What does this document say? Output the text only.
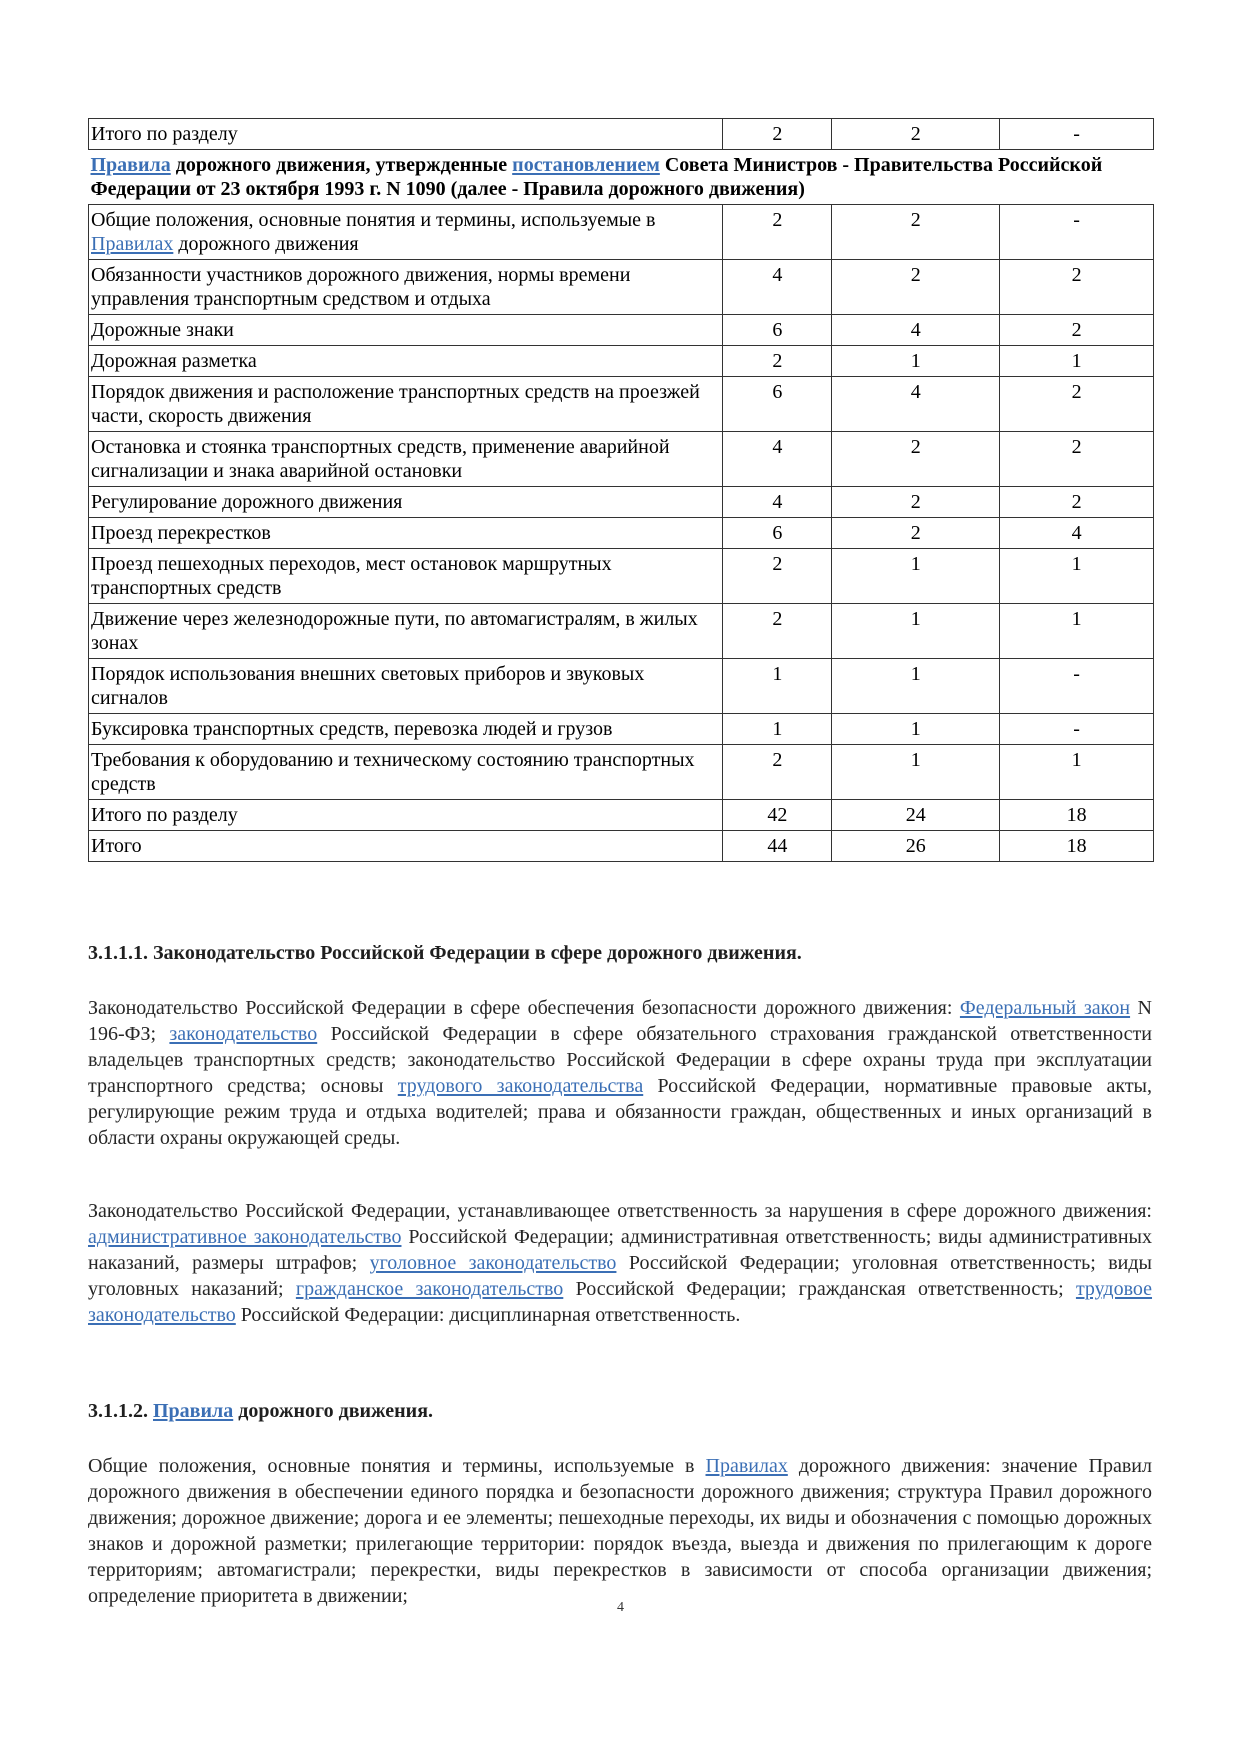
Итого по разделу	2	2	-
Правила дорожного движения, утвержденные постановлением Совета Министров - Правительства Российской Федерации от 23 октября 1993 г. N 1090 (далее - Правила дорожного движения)			
Общие положения, основные понятия и термины, используемые в Правилах дорожного движения	2	2	-
Обязанности участников дорожного движения, нормы времени управления транспортным средством и отдыха	4	2	2
Дорожные знаки	6	4	2
Дорожная разметка	2	1	1
Порядок движения и расположение транспортных средств на проезжей части, скорость движения	6	4	2
Остановка и стоянка транспортных средств, применение аварийной сигнализации и знака аварийной остановки	4	2	2
Регулирование дорожного движения	4	2	2
Проезд перекрестков	6	2	4
Проезд пешеходных переходов, мест остановок маршрутных транспортных средств	2	1	1
Движение через железнодорожные пути, по автомагистралям, в жилых зонах	2	1	1
Порядок использования внешних световых приборов и звуковых сигналов	1	1	-
Буксировка транспортных средств, перевозка людей и грузов	1	1	-
Требования к оборудованию и техническому состоянию транспортных средств	2	1	1
Итого по разделу	42	24	18
Итого	44	26	18
3.1.1.1. Законодательство Российской Федерации в сфере дорожного движения.

Законодательство Российской Федерации в сфере обеспечения безопасности дорожного движения: Федеральный закон N 196-ФЗ; законодательство Российской Федерации в сфере обязательного страхования гражданской ответственности владельцев транспортных средств; законодательство Российской Федерации в сфере охраны труда при эксплуатации транспортного средства; основы трудового законодательства Российской Федерации, нормативные правовые акты, регулирующие режим труда и отдыха водителей; права и обязанности граждан, общественных и иных организаций в области охраны окружающей среды.

Законодательство Российской Федерации, устанавливающее ответственность за нарушения в сфере дорожного движения: административное законодательство Российской Федерации; административная ответственность; виды административных наказаний, размеры штрафов; уголовное законодательство Российской Федерации; уголовная ответственность; виды уголовных наказаний; гражданское законодательство Российской Федерации; гражданская ответственность; трудовое законодательство Российской Федерации: дисциплинарная ответственность.

3.1.1.2. Правила дорожного движения.

Общие положения, основные понятия и термины, используемые в Правилах дорожного движения: значение Правил дорожного движения в обеспечении единого порядка и безопасности дорожного движения; структура Правил дорожного движения; дорожное движение; дорога и ее элементы; пешеходные переходы, их виды и обозначения с помощью дорожных знаков и дорожной разметки; прилегающие территории: порядок въезда, выезда и движения по прилегающим к дороге территориям; автомагистрали; перекрестки, виды перекрестков в зависимости от способа организации движения; определение приоритета в движении;

4
